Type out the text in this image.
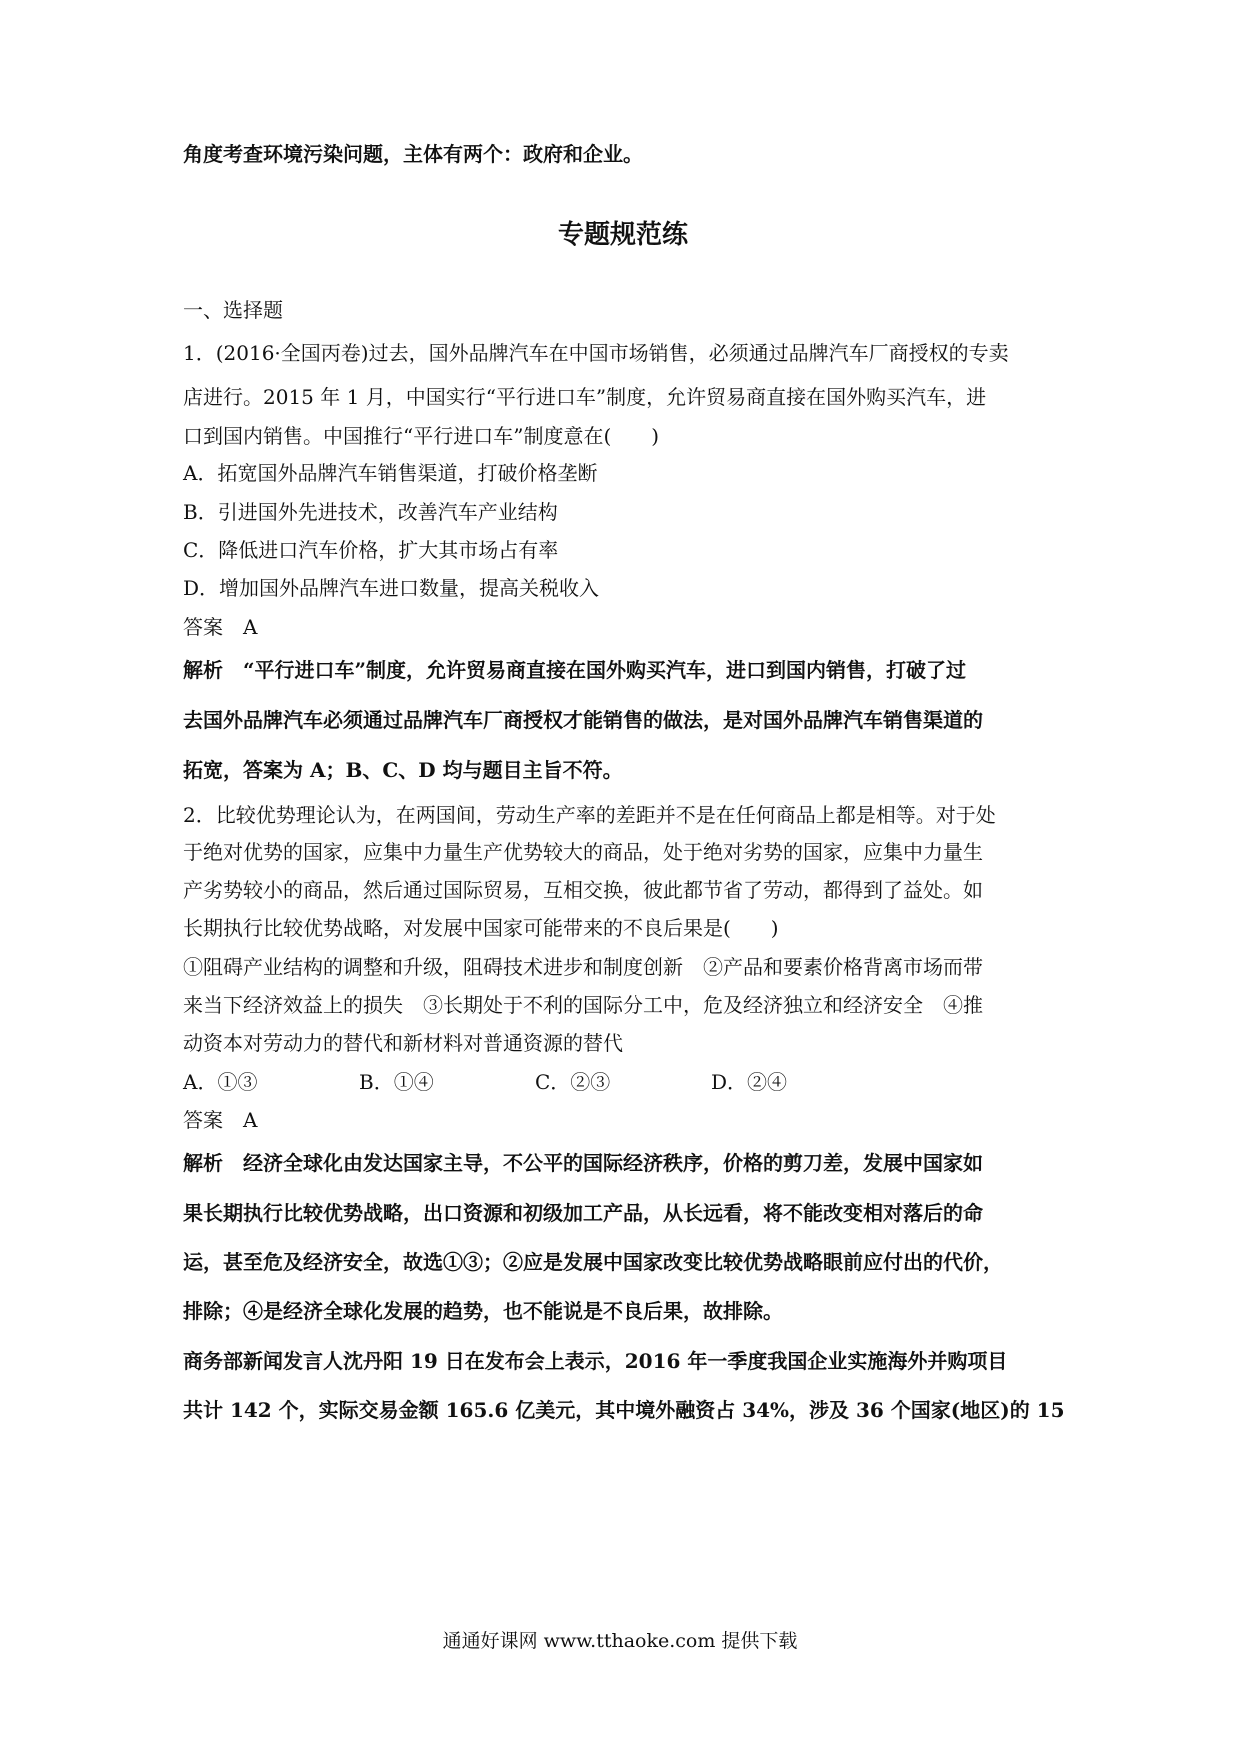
角度考查环境污染问题，主体有两个：政府和企业。
专题规范练
一、选择题
1．(2016·全国丙卷)过去，国外品牌汽车在中国市场销售，必须通过品牌汽车厂商授权的专卖
店进行。2015 年 1 月，中国实行“平行进口车”制度，允许贸易商直接在国外购买汽车，进
口到国内销售。中国推行“平行进口车”制度意在(　　)
A．拓宽国外品牌汽车销售渠道，打破价格垄断
B．引进国外先进技术，改善汽车产业结构
C．降低进口汽车价格，扩大其市场占有率
D．增加国外品牌汽车进口数量，提高关税收入
答案　A
解析　“平行进口车”制度，允许贸易商直接在国外购买汽车，进口到国内销售，打破了过
去国外品牌汽车必须通过品牌汽车厂商授权才能销售的做法，是对国外品牌汽车销售渠道的
拓宽，答案为 A；B、C、D 均与题目主旨不符。
2．比较优势理论认为，在两国间，劳动生产率的差距并不是在任何商品上都是相等。对于处
于绝对优势的国家，应集中力量生产优势较大的商品，处于绝对劣势的国家，应集中力量生
产劣势较小的商品，然后通过国际贸易，互相交换，彼此都节省了劳动，都得到了益处。如
长期执行比较优势战略，对发展中国家可能带来的不良后果是(　　)
①阻碍产业结构的调整和升级，阻碍技术进步和制度创新　②产品和要素价格背离市场而带
来当下经济效益上的损失　③长期处于不利的国际分工中，危及经济独立和经济安全　④推
动资本对劳动力的替代和新材料对普通资源的替代
A．①③	B．①④	C．②③	D．②④
答案　A
解析　经济全球化由发达国家主导，不公平的国际经济秩序，价格的剪刀差，发展中国家如
果长期执行比较优势战略，出口资源和初级加工产品，从长远看，将不能改变相对落后的命
运，甚至危及经济安全，故选①③；②应是发展中国家改变比较优势战略眼前应付出的代价，
排除；④是经济全球化发展的趋势，也不能说是不良后果，故排除。
商务部新闻发言人沈丹阳 19 日在发布会上表示，2016 年一季度我国企业实施海外并购项目
共计 142 个，实际交易金额 165.6 亿美元，其中境外融资占 34%，涉及 36 个国家(地区)的 15
通通好课网 www.tthaoke.com 提供下载
